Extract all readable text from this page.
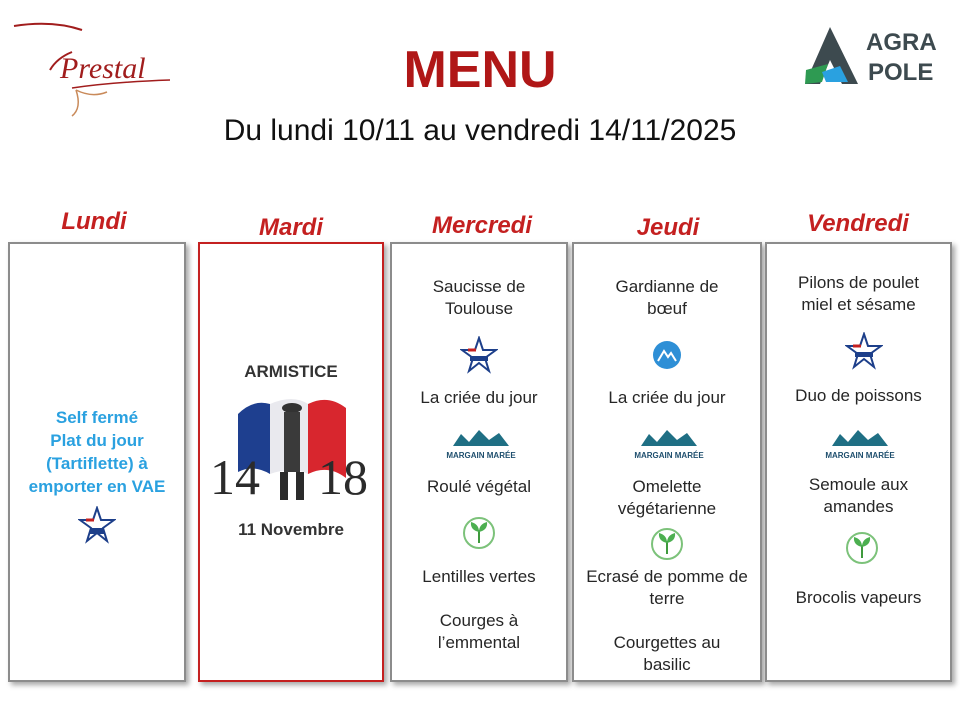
Prestal
AGRA
POLE
MENU
Du lundi 10/11 au vendredi 14/11/2025
Lundi	Mardi	Mercredi	Jeudi	Vendredi
Self fermé
Plat du jour
(Tartiflette) à
emporter en VAE
ARMISTICE
14 18
11 Novembre
Saucisse de Toulouse
La criée du jour
MARGAIN MARÉE
Roulé végétal
Lentilles vertes
Courges à l’emmental
Gardianne de bœuf
La criée du jour
MARGAIN MARÉE
Omelette végétarienne
Ecrasé de pomme de terre
Courgettes au basilic
Pilons de poulet miel et sésame
Duo de poissons
MARGAIN MARÉE
Semoule aux amandes
Brocolis vapeurs
